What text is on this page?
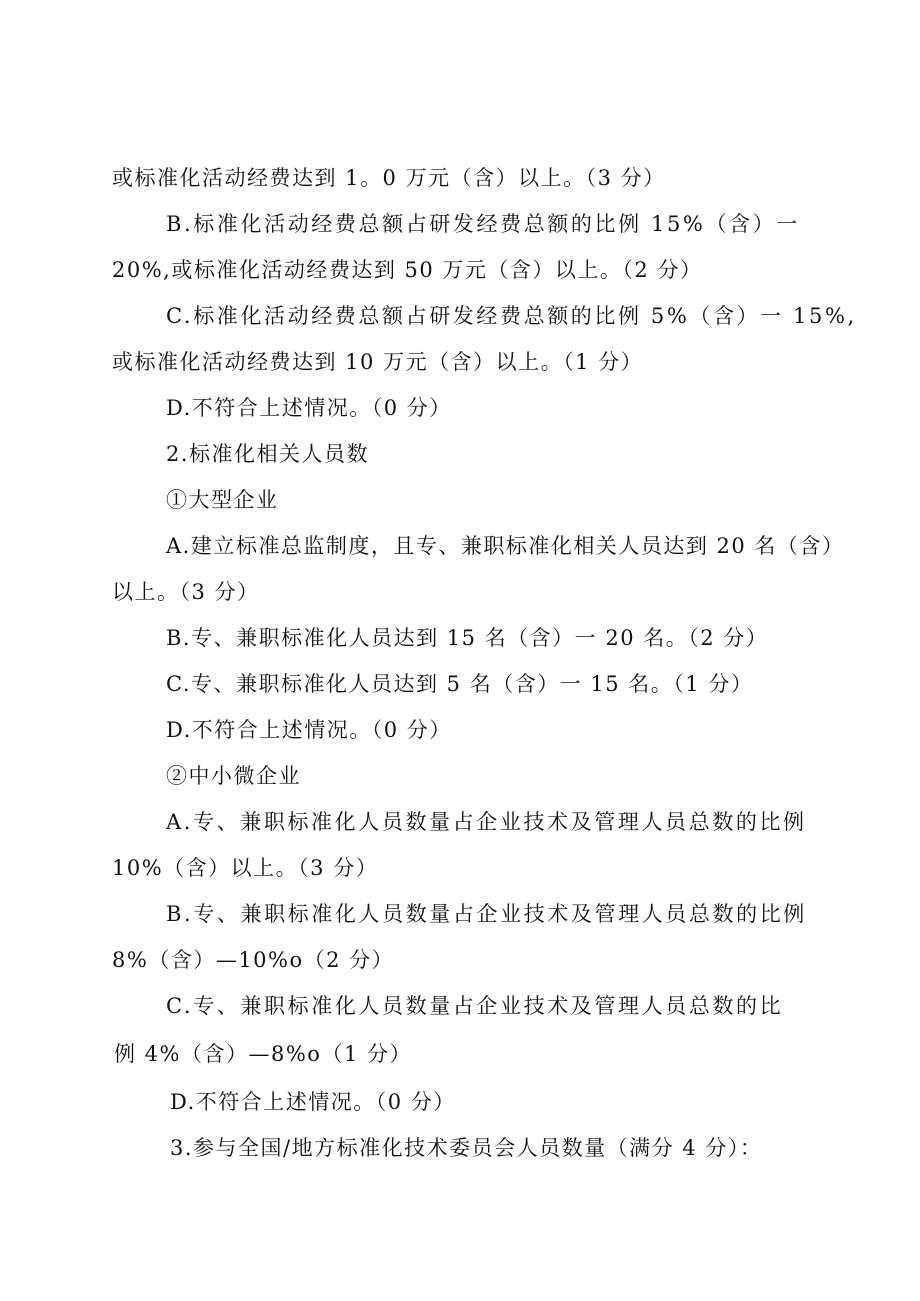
或标准化活动经费达到 1。0 万元（含）以上。（3 分）
B.标准化活动经费总额占研发经费总额的比例 15%（含）一
20%,或标准化活动经费达到 50 万元（含）以上。（2 分）
C.标准化活动经费总额占研发经费总额的比例 5%（含）一 15%,
或标准化活动经费达到 10 万元（含）以上。（1 分）
D.不符合上述情况。（0 分）
2.标准化相关人员数
①大型企业
A.建立标准总监制度，且专、兼职标准化相关人员达到 20 名（含）
以上。（3 分）
B.专、兼职标准化人员达到 15 名（含）一 20 名。（2 分）
C.专、兼职标准化人员达到 5 名（含）一 15 名。（1 分）
D.不符合上述情况。（0 分）
②中小微企业
A.专、兼职标准化人员数量占企业技术及管理人员总数的比例
10%（含）以上。（3 分）
B.专、兼职标准化人员数量占企业技术及管理人员总数的比例
8%（含）—10%o（2 分）
C.专、兼职标准化人员数量占企业技术及管理人员总数的比
例 4%（含）—8%o（1 分）
D.不符合上述情况。（0 分）
3.参与全国/地方标准化技术委员会人员数量（满分 4 分）：
